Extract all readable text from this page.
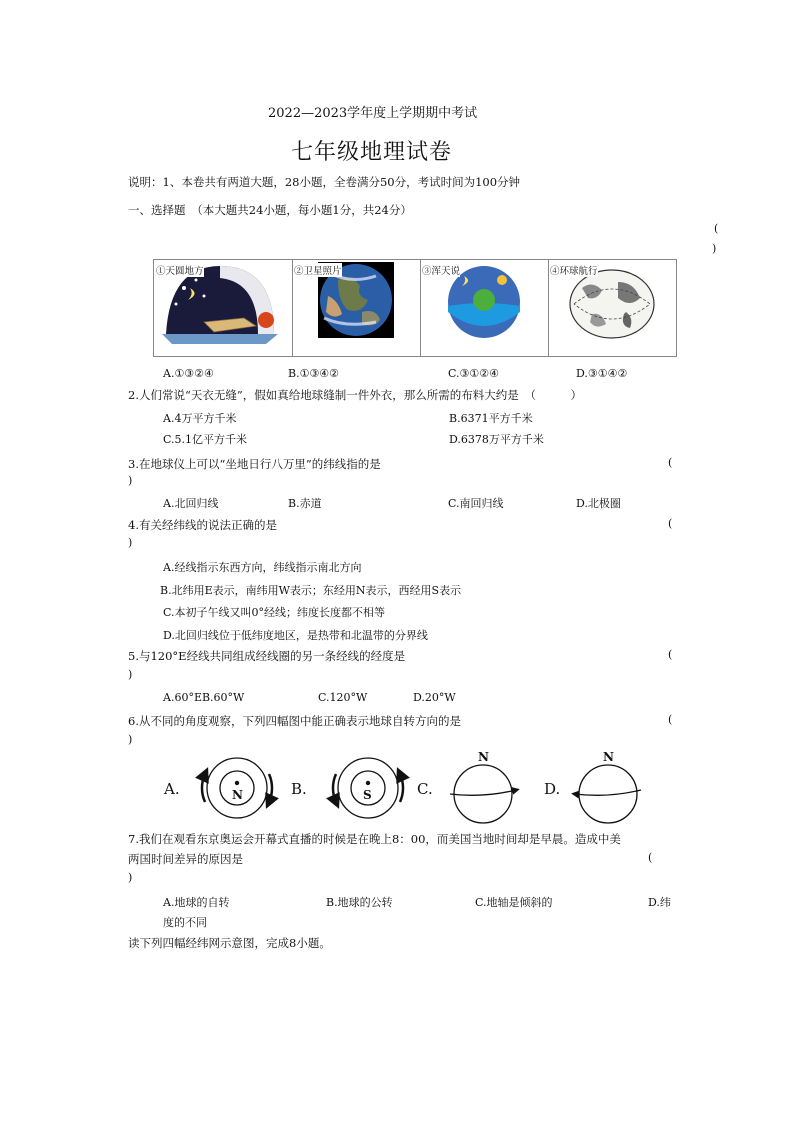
2022—2023学年度上学期期中考试
七年级地理试卷
说明：1、本卷共有两道大题，28小题，全卷满分50分，考试时间为100分钟
一、选择题　（本大题共24小题，每小题1分，共24分）
(
)
①天圆地方	②卫星照片	③浑天说	④环球航行
A.①③②④	B.①③④②	C.③①②④	D.③①④②
2.人们常说“天衣无缝”，假如真给地球缝制一件外衣，那么所需的布料大约是　（　　　）
A.4万平方千米	B.6371平方千米
C.5.1亿平方千米	D.6378万平方千米
3.在地球仪上可以“坐地日行八万里”的纬线指的是	(
)
A.北回归线	B.赤道	C.南回归线	D.北极圈
4.有关经纬线的说法正确的是	(
)
A.经线指示东西方向，纬线指示南北方向
B.北纬用E表示，南纬用W表示；东经用N表示，西经用S表示
C.本初子午线又叫0°经线；纬度长度都不相等
D.北回归线位于低纬度地区，是热带和北温带的分界线
5.与120°E经线共同组成经线圈的另一条经线的经度是	(
)
A.60°EB.60°W	C.120°W	D.20°W
6.从不同的角度观察，下列四幅图中能正确表示地球自转方向的是	(
)
A.	N	B.	S	C.
N
D.
N
7.我们在观看东京奥运会开幕式直播的时候是在晚上8：00，而美国当地时间却是早晨。造成中美
两国时间差异的原因是	(
)
A.地球的自转	B.地球的公转	C.地轴是倾斜的	D.纬
度的不同
读下列四幅经纬网示意图，完成8小题。
